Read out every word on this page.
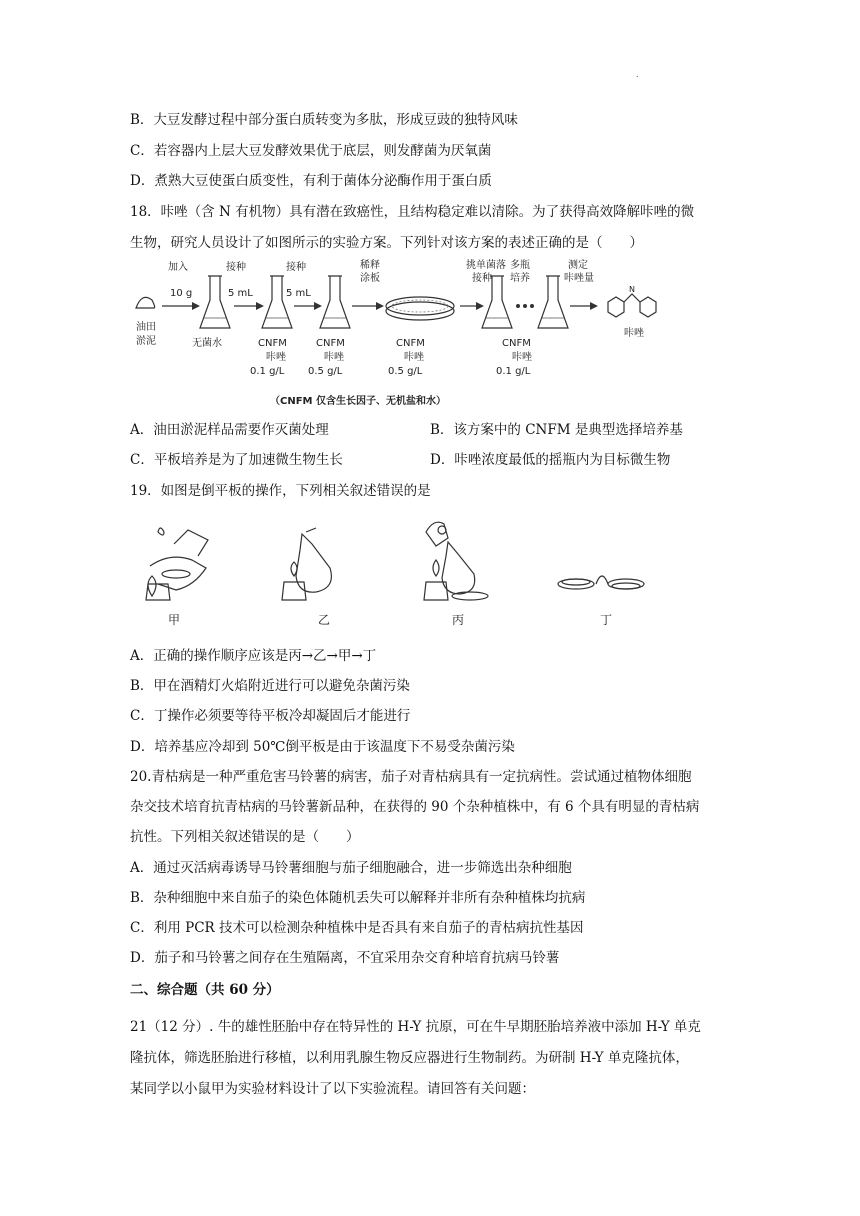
.
B．大豆发酵过程中部分蛋白质转变为多肽，形成豆豉的独特风味
C．若容器内上层大豆发酵效果优于底层，则发酵菌为厌氧菌
D．煮熟大豆使蛋白质变性，有利于菌体分泌酶作用于蛋白质
18．咔唑（含 N 有机物）具有潜在致癌性，且结构稳定难以清除。为了获得高效降解咔唑的微
生物，研究人员设计了如图所示的实验方案。下列针对该方案的表述正确的是（　　）
油田
淤泥
加入
10 g
无菌水
接种
5 mL
CNFM
咔唑
0.1 g/L
接种
5 mL
CNFM
咔唑
0.5 g/L
稀释
涂板
CNFM
咔唑
0.5 g/L
挑单菌落
接种
多瓶
培养
CNFM
咔唑
0.1 g/L
测定
咔唑量
N
咔唑
（CNFM 仅含生长因子、无机盐和水）
A．油田淤泥样品需要作灭菌处理	B．该方案中的 CNFM 是典型选择培养基
C．平板培养是为了加速微生物生长	D．咔唑浓度最低的摇瓶内为目标微生物
19．如图是倒平板的操作，下列相关叙述错误的是
甲	乙	丙	丁
A．正确的操作顺序应该是丙→乙→甲→丁
B．甲在酒精灯火焰附近进行可以避免杂菌污染
C．丁操作必须要等待平板冷却凝固后才能进行
D．培养基应冷却到 50℃倒平板是由于该温度下不易受杂菌污染
20.青枯病是一种严重危害马铃薯的病害，茄子对青枯病具有一定抗病性。尝试通过植物体细胞
杂交技术培育抗青枯病的马铃薯新品种，在获得的 90 个杂种植株中，有 6 个具有明显的青枯病
抗性。下列相关叙述错误的是（　　）
A．通过灭活病毒诱导马铃薯细胞与茄子细胞融合，进一步筛选出杂种细胞
B．杂种细胞中来自茄子的染色体随机丢失可以解释并非所有杂种植株均抗病
C．利用 PCR 技术可以检测杂种植株中是否具有来自茄子的青枯病抗性基因
D．茄子和马铃薯之间存在生殖隔离，不宜采用杂交育种培育抗病马铃薯
二、综合题（共 60 分）
21（12 分）. 牛的雄性胚胎中存在特异性的 H-Y 抗原，可在牛早期胚胎培养液中添加 H-Y 单克
隆抗体，筛选胚胎进行移植，以利用乳腺生物反应器进行生物制药。为研制 H-Y 单克隆抗体，
某同学以小鼠甲为实验材料设计了以下实验流程。请回答有关问题：
